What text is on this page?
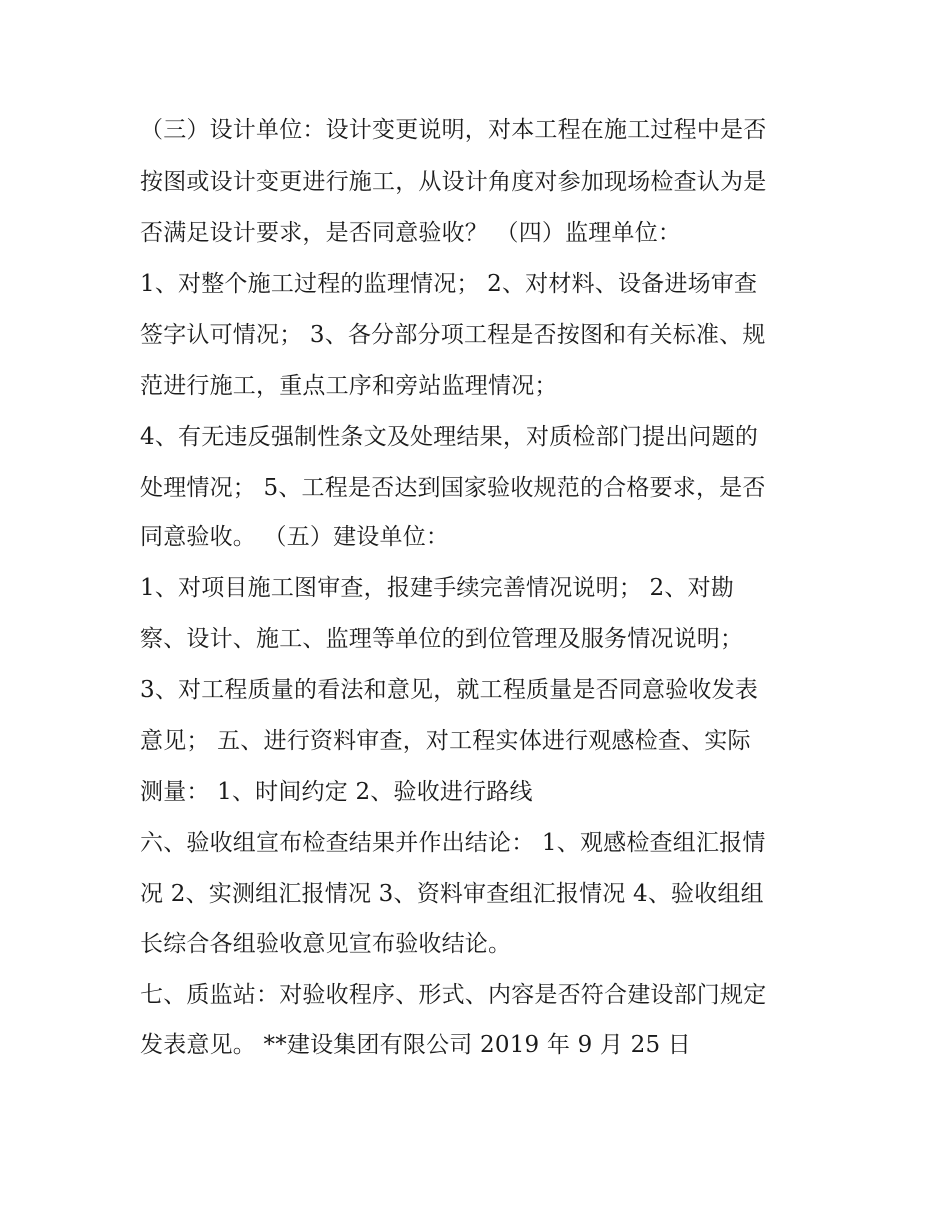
（三）设计单位：设计变更说明，对本工程在施工过程中是否
按图或设计变更进行施工，从设计角度对参加现场检查认为是
否满足设计要求，是否同意验收？ （四）监理单位：
1、对整个施工过程的监理情况； 2、对材料、设备进场审查
签字认可情况； 3、各分部分项工程是否按图和有关标准、规
范进行施工，重点工序和旁站监理情况；
4、有无违反强制性条文及处理结果，对质检部门提出问题的
处理情况； 5、工程是否达到国家验收规范的合格要求，是否
同意验收。 （五）建设单位：
1、对项目施工图审查，报建手续完善情况说明； 2、对勘
察、设计、施工、监理等单位的到位管理及服务情况说明；
3、对工程质量的看法和意见，就工程质量是否同意验收发表
意见； 五、进行资料审查，对工程实体进行观感检查、实际
测量： 1、时间约定 2、验收进行路线
六、验收组宣布检查结果并作出结论： 1、观感检查组汇报情
况 2、实测组汇报情况 3、资料审查组汇报情况 4、验收组组
长综合各组验收意见宣布验收结论。
七、质监站：对验收程序、形式、内容是否符合建设部门规定
发表意见。 **建设集团有限公司 2019 年 9 月 25 日
